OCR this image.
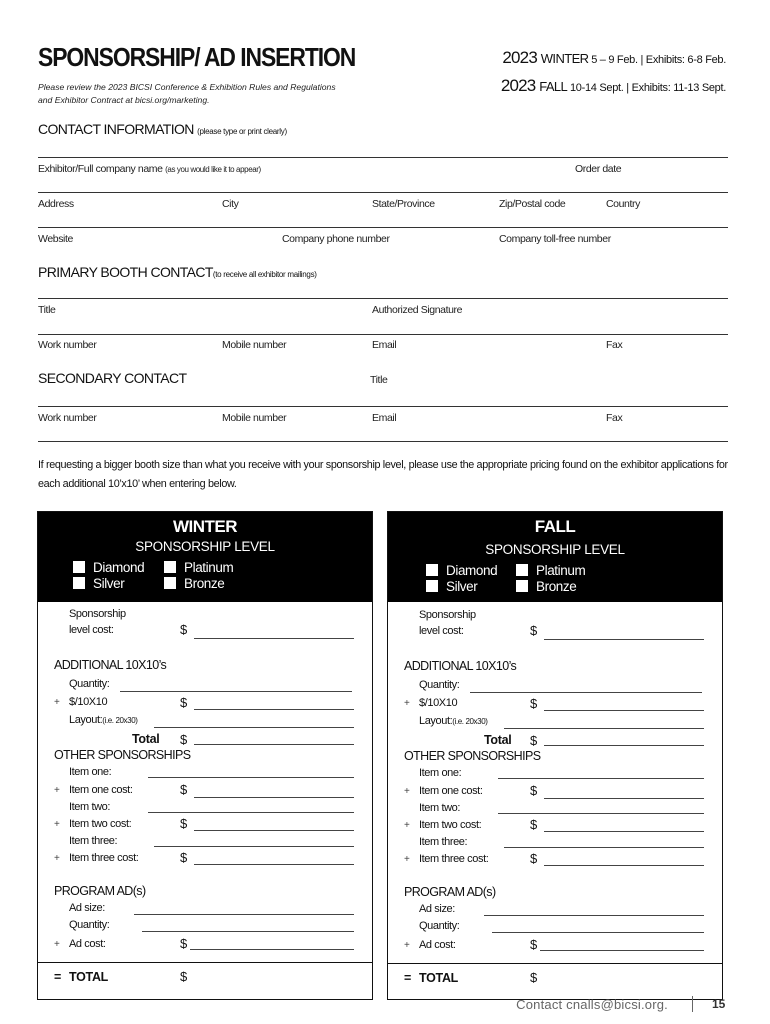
SPONSORSHIP/ AD INSERTION
Please review the 2023 BICSI Conference & Exhibition Rules and Regulations and Exhibitor Contract at bicsi.org/marketing.
2023 WINTER 5 – 9 Feb. | Exhibits: 6-8 Feb.
2023 FALL 10-14 Sept. | Exhibits: 11-13 Sept.
CONTACT INFORMATION (please type or print clearly)
Exhibitor/Full company name (as you would like it to appear)	Order date
Address	City	State/Province	Zip/Postal code	Country
Website	Company phone number	Company toll-free number
PRIMARY BOOTH CONTACT(to receive all exhibitor mailings)
Title	Authorized Signature
Work number	Mobile number	Email	Fax
SECONDARY CONTACT	Title
Work number	Mobile number	Email	Fax
If requesting a bigger booth size than what you receive with your sponsorship level, please use the appropriate pricing found on the exhibitor applications for each additional 10’x10’ when entering below.
WINTER
SPONSORSHIP LEVEL
Diamond	Platinum
Silver	Bronze
Sponsorship
level cost:	$
ADDITIONAL 10X10’s
Quantity:
+ $/10X10	$
Layout:(i.e. 20x30)
Total $
OTHER SPONSORSHIPS
Item one:
+ Item one cost:	$
Item two:
+ Item two cost:	$
Item three:
+ Item three cost:	$
PROGRAM AD(s)
Ad size:
Quantity:
+ Ad cost:	$
= TOTAL	$
FALL
SPONSORSHIP LEVEL
Diamond	Platinum
Silver	Bronze
Sponsorship
level cost:	$
ADDITIONAL 10X10’s
Quantity:
+ $/10X10	$
Layout:(i.e. 20x30)
Total $
OTHER SPONSORSHIPS
Item one:
+ Item one cost:	$
Item two:
+ Item two cost:	$
Item three:
+ Item three cost:	$
PROGRAM AD(s)
Ad size:
Quantity:
+ Ad cost:	$
= TOTAL	$
Contact cnalls@bicsi.org.	15
